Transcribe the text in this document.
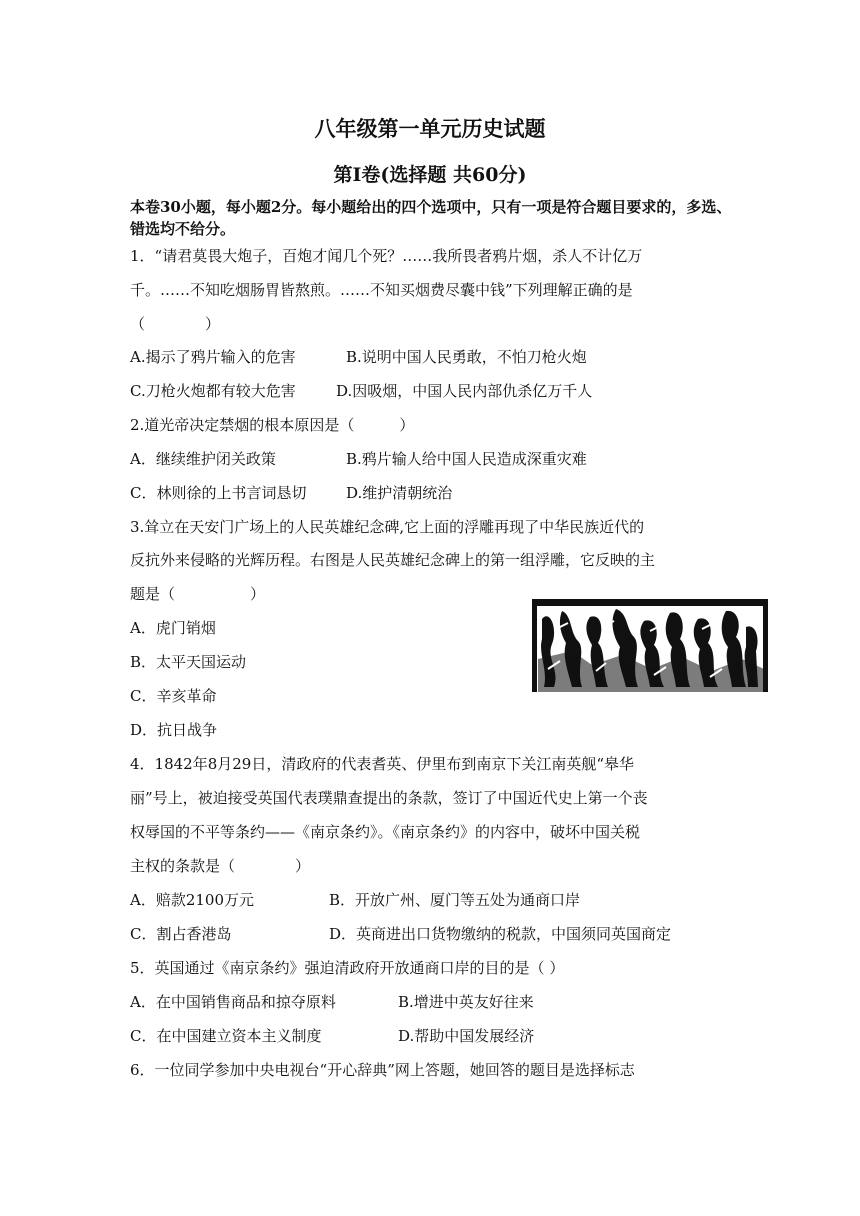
八年级第一单元历史试题
第Ⅰ卷(选择题 共60分)
本卷30小题，每小题2分。每小题给出的四个选项中，只有一项是符合题目要求的，多选、错选均不给分。
1．“请君莫畏大炮子，百炮才闻几个死？……我所畏者鸦片烟，杀人不计亿万
千。……不知吃烟肠胃皆熬煎。……不知买烟费尽囊中钱”下列理解正确的是
（　　　　）
A.揭示了鸦片输入的危害	B.说明中国人民勇敢，不怕刀枪火炮
C.刀枪火炮都有较大危害	D.因吸烟，中国人民内部仇杀亿万千人
2.道光帝决定禁烟的根本原因是（　　　）
A．继续维护闭关政策	B.鸦片输人给中国人民造成深重灾难
C．林则徐的上书言词恳切	D.维护清朝统治
3.耸立在天安门广场上的人民英雄纪念碑,它上面的浮雕再现了中华民族近代的
反抗外来侵略的光辉历程。右图是人民英雄纪念碑上的第一组浮雕，它反映的主
题是（　　　　　）
A．虎门销烟
B．太平天国运动
C．辛亥革命
D．抗日战争
4．1842年8月29日，清政府的代表耆英、伊里布到南京下关江南英舰“皋华
丽”号上，被迫接受英国代表璞鼎查提出的条款，签订了中国近代史上第一个丧
权辱国的不平等条约——《南京条约》。《南京条约》的内容中，破坏中国关税
主权的条款是（　　　　）
A．赔款2100万元	B．开放广州、厦门等五处为通商口岸
C．割占香港岛	D．英商进出口货物缴纳的税款，中国须同英国商定
5．英国通过《南京条约》强迫清政府开放通商口岸的目的是（ ）
A．在中国销售商品和掠夺原料	B.增进中英友好往来
C．在中国建立资本主义制度	D.帮助中国发展经济
6．一位同学参加中央电视台“开心辞典”网上答题，她回答的题目是选择标志
